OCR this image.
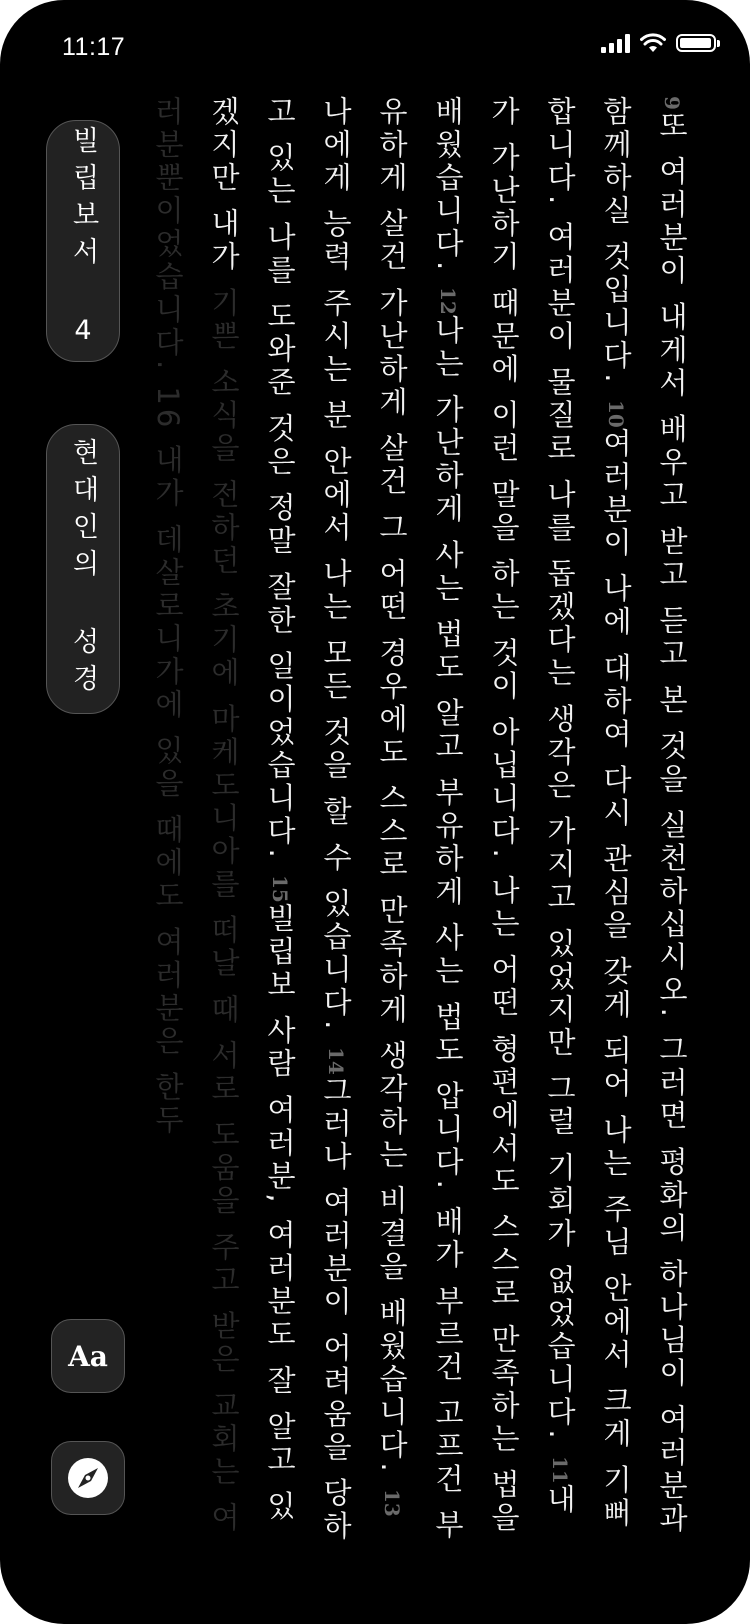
11:17
9또 여러분이 내게서 배우고 받고 듣고 본 것을 실천하십시오. 그러면 평화의 하나님이 여러분과 함께하실 것입니다. 10여러분이 나에 대하여 다시 관심을 갖게 되어 나는 주님 안에서 크게 기뻐합니다. 여러분이 물질로 나를 돕겠다는 생각은 가지고 있었지만 그럴 기회가 없었습니다. 11내가 가난하기 때문에 이런 말을 하는 것이 아닙니다. 나는 어떤 형편에서도 스스로 만족하는 법을 배웠습니다. 12나는 가난하게 사는 법도 알고 부유하게 사는 법도 압니다. 배가 부르건 고프건 부유하게 살건 가난하게 살건 그 어떤 경우에도 스스로 만족하게 생각하는 비결을 배웠습니다. 13나에게 능력 주시는 분 안에서 나는 모든 것을 할 수 있습니다. 14그러나 여러분이 어려움을 당하고 있는 나를 도와준 것은 정말 잘한 일이었습니다. 15빌립보 사람 여러분, 여러분도 잘 알고 있겠지만 내가 기쁜 소식을 전하던 초기에 마케도니아를 떠날 때 서로 도움을 주고 받은 교회는 여러분뿐이었습니다. 16 내가 데살로니가에 있을 때에도 여러분은 한두
빌립보서 4
현대인의 성경
Aa
